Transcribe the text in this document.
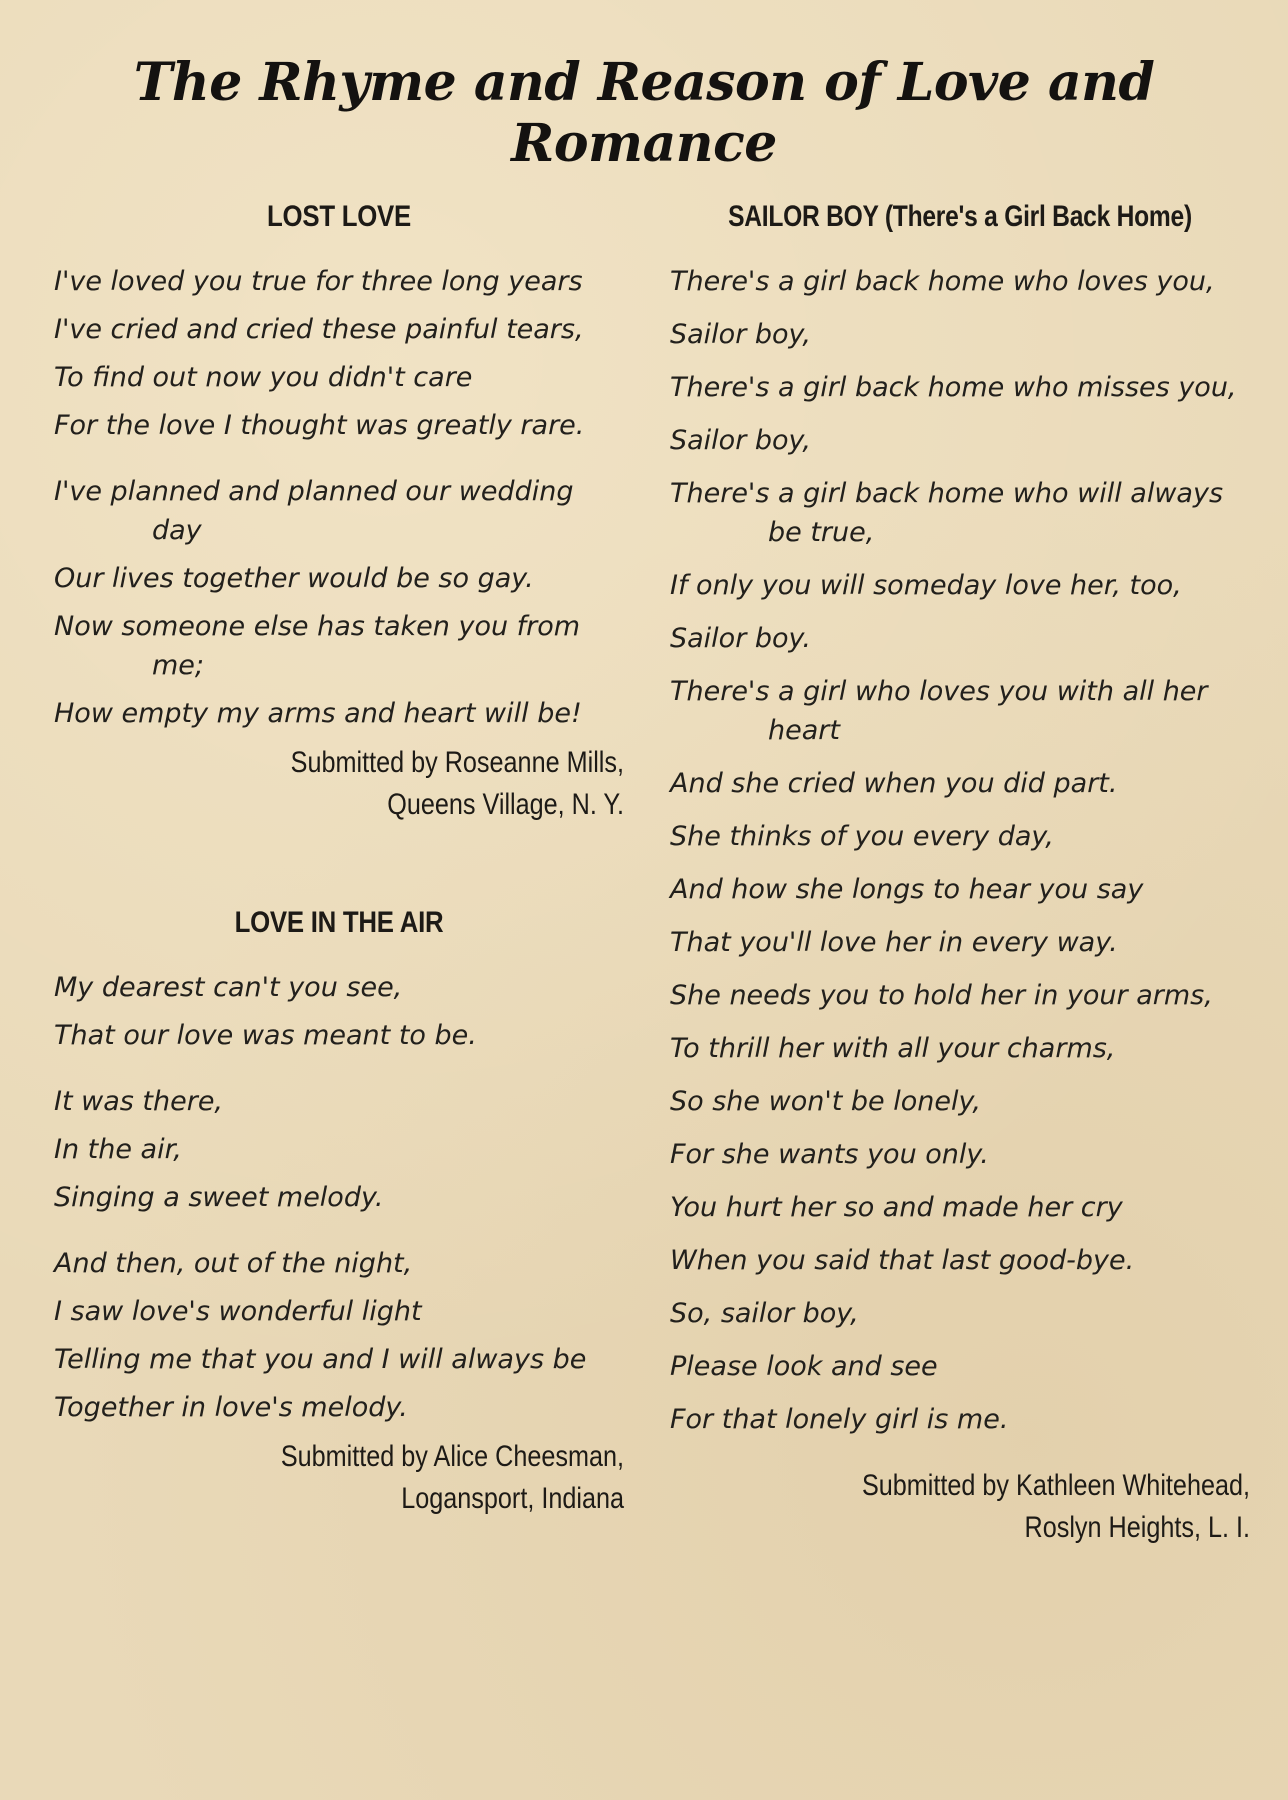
The Rhyme and Reason of Love and Romance
LOST LOVE
I've loved you true for three long years
I've cried and cried these painful tears,
To find out now you didn't care
For the love I thought was greatly rare.
I've planned and planned our wedding day
Our lives together would be so gay.
Now someone else has taken you from me;
How empty my arms and heart will be!
Submitted by Roseanne Mills,
Queens Village, N. Y.
LOVE IN THE AIR
My dearest can't you see,
That our love was meant to be.
It was there,
In the air,
Singing a sweet melody.
And then, out of the night,
I saw love's wonderful light
Telling me that you and I will always be
Together in love's melody.
Submitted by Alice Cheesman,
Logansport, Indiana
SAILOR BOY (There's a Girl Back Home)
There's a girl back home who loves you,
Sailor boy,
There's a girl back home who misses you,
Sailor boy,
There's a girl back home who will always be true,
If only you will someday love her, too,
Sailor boy.
There's a girl who loves you with all her heart
And she cried when you did part.
She thinks of you every day,
And how she longs to hear you say
That you'll love her in every way.
She needs you to hold her in your arms,
To thrill her with all your charms,
So she won't be lonely,
For she wants you only.
You hurt her so and made her cry
When you said that last good-bye.
So, sailor boy,
Please look and see
For that lonely girl is me.
Submitted by Kathleen Whitehead,
Roslyn Heights, L. I.
